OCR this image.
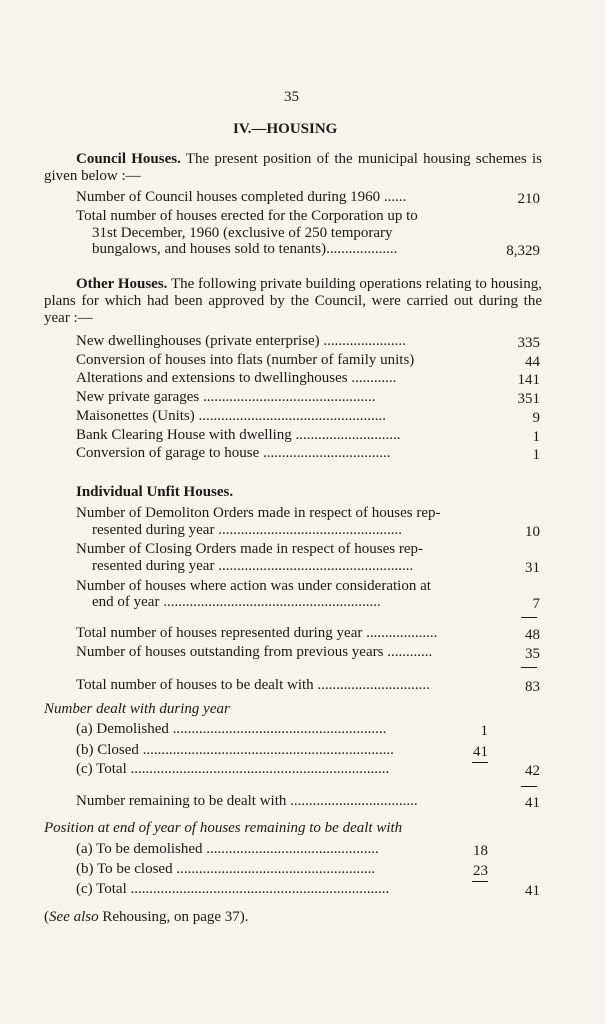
35
IV.—HOUSING
Council Houses. The present position of the municipal housing schemes is given below :—
Number of Council houses completed during 1960 ......	210
Total number of houses erected for the Corporation up to
31st December, 1960 (exclusive of 250 temporary
bungalows, and houses sold to tenants)...................	8,329
Other Houses. The following private building operations relating to housing, plans for which had been approved by the Council, were carried out during the year :—
New dwellinghouses (private enterprise) ......................	335
Conversion of houses into flats (number of family units)	44
Alterations and extensions to dwellinghouses ............	141
New private garages ..............................................	351
Maisonettes (Units) ..................................................	9
Bank Clearing House with dwelling ............................	1
Conversion of garage to house ..................................	1
Individual Unfit Houses.
Number of Demoliton Orders made in respect of houses rep-
resented during year .................................................	10
Number of Closing Orders made in respect of houses rep-
resented during year ....................................................	31
Number of houses where action was under consideration at
end of year ..........................................................	7
Total number of houses represented during year ...................	48
Number of houses outstanding from previous years ............	35
Total number of houses to be dealt with ..............................	83
Number dealt with during year
(a) Demolished .........................................................	1
(b) Closed ...................................................................	41
(c) Total .....................................................................	42
Number remaining to be dealt with ..................................	41
Position at end of year of houses remaining to be dealt with
(a) To be demolished ..............................................	18
(b) To be closed .....................................................	23
(c) Total .....................................................................	41
(See also Rehousing, on page 37).
